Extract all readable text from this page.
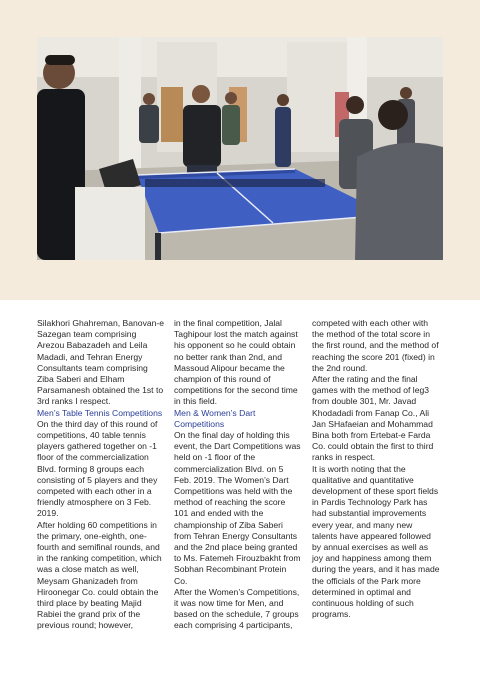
Silakhori Ghahreman, Banovan-e Sazegan team comprising Arezou Babazadeh and Leila Madadi, and Tehran Energy Consultants team comprising Ziba Saberi and Elham Parsamanesh obtained the 1st to 3rd ranks I respect.

Men’s Table Tennis Competitions

On the third day of this round of competitions, 40 table tennis players gathered together on -1 floor of the commercialization Blvd. forming 8 groups each consisting of 5 players and they competed with each other in a friendly atmosphere on 3 Feb. 2019.

After holding 60 competitions in the primary, one-eighth, one-fourth and semifinal rounds, and in the ranking competition, which was a close match as well, Meysam Ghanizadeh from Hiroonegar Co. could obtain the third place by beating Majid Rabiei the grand prix of the previous round; however,

in the final competition, Jalal Taghipour lost the match against his opponent so he could obtain no better rank than 2nd, and Massoud Alipour became the champion of this round of competitions for the second time in this field.

Men & Women’s Dart Competitions

On the final day of holding this event, the Dart Competitions was held on -1 floor of the commercialization Blvd. on 5 Feb. 2019. The Women’s Dart Competitions was held with the method of reaching the score 101 and ended with the championship of Ziba Saberi from Tehran Energy Consultants and the 2nd place being granted to Ms. Fatemeh Firouzbakht from Sobhan Recombinant Protein Co.

After the Women’s Competitions, it was now time for Men, and based on the schedule, 7 groups each comprising 4 participants,

competed with each other with the method of the total score in the first round, and the method of reaching the score 201 (fixed) in the 2nd round.

After the rating and the final games with the method of leg3 from double 301, Mr. Javad Khodadadi from Fanap Co., Ali Jan SHafaeian and Mohammad Bina both from Ertebat-e Farda Co. could obtain the first to third ranks in respect.

It is worth noting that the qualitative and quantitative development of these sport fields in Pardis Technology Park has had substantial improvements every year, and many new talents have appeared followed by annual exercises as well as joy and happiness among them during the years, and it has made the officials of the Park more determined in optimal and continuous holding of such programs.
